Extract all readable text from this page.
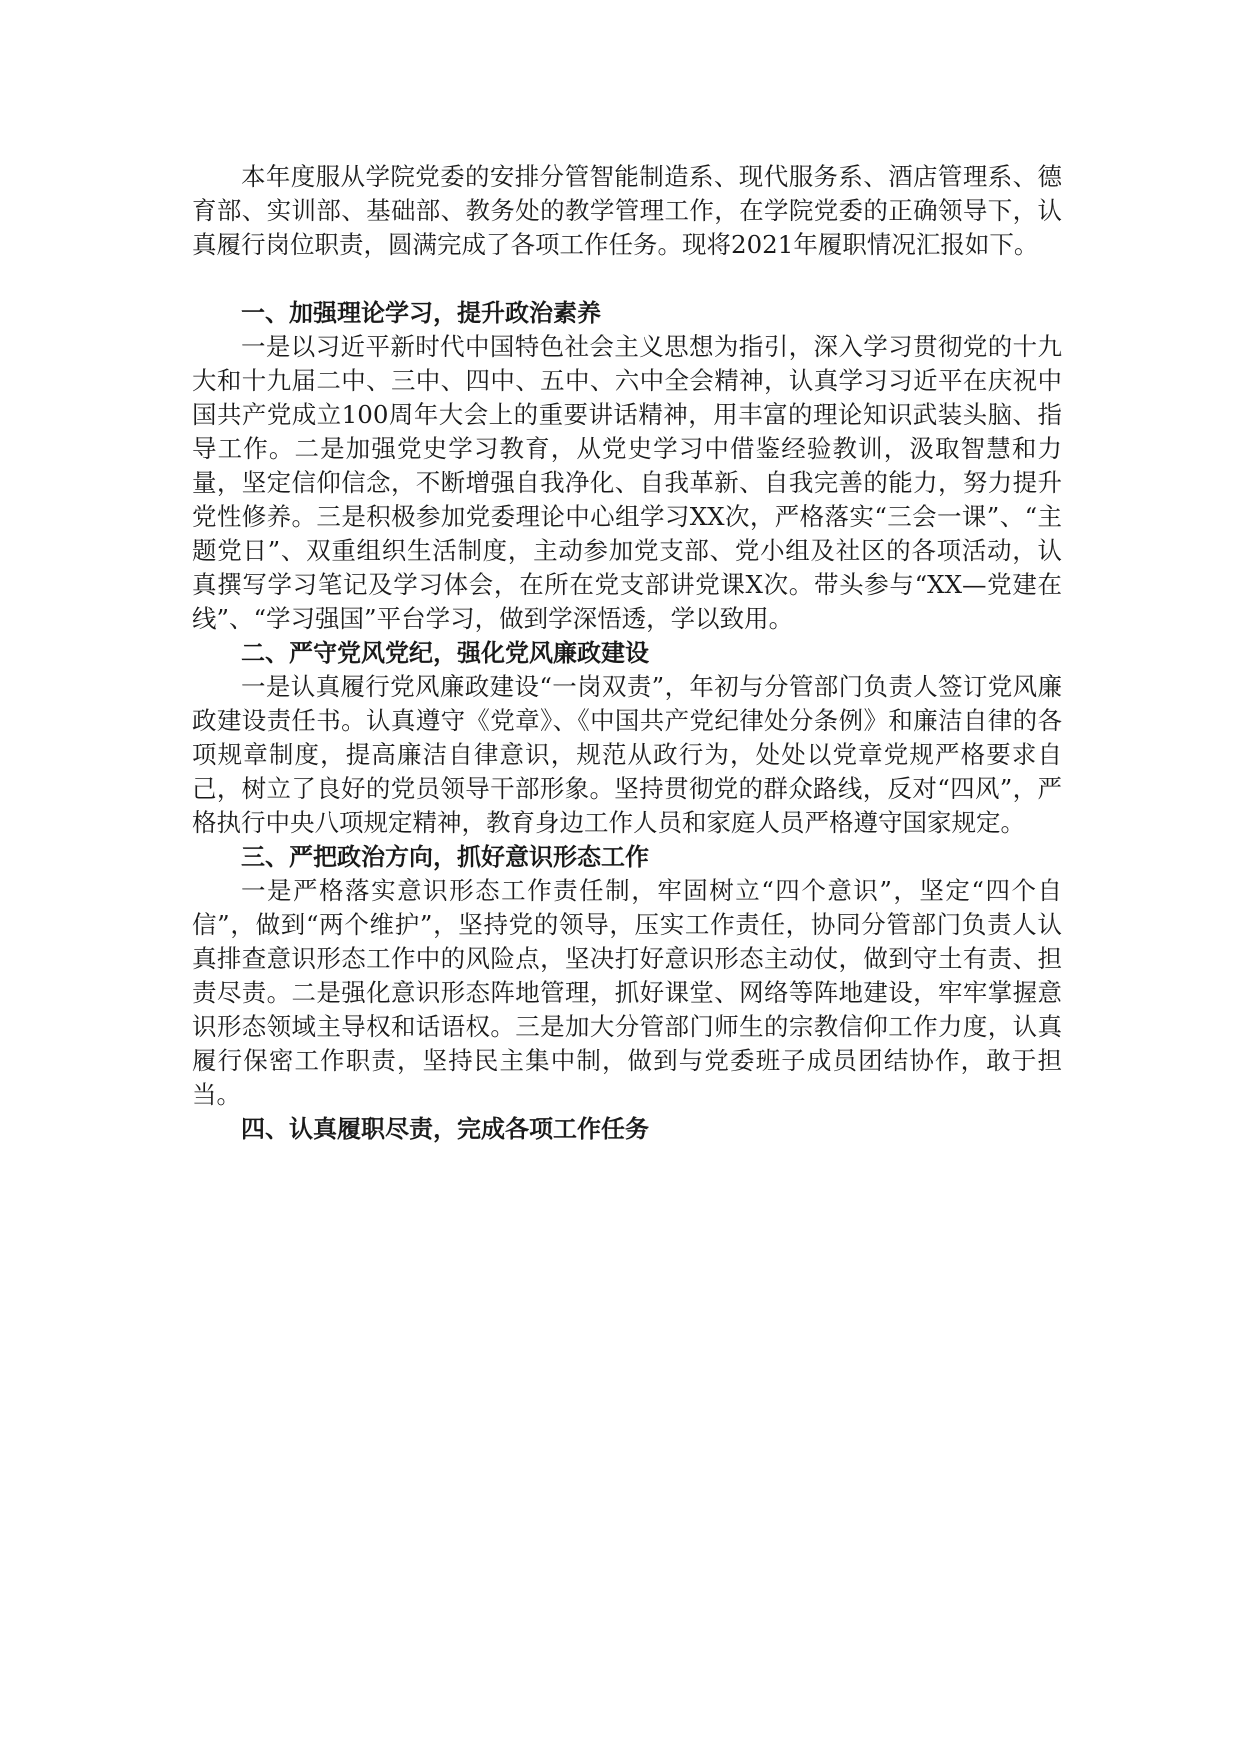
本年度服从学院党委的安排分管智能制造系、现代服务系、酒店管理系、德育部、实训部、基础部、教务处的教学管理工作，在学院党委的正确领导下，认真履行岗位职责，圆满完成了各项工作任务。现将2021年履职情况汇报如下。

一、加强理论学习，提升政治素养

一是以习近平新时代中国特色社会主义思想为指引，深入学习贯彻党的十九大和十九届二中、三中、四中、五中、六中全会精神，认真学习习近平在庆祝中国共产党成立100周年大会上的重要讲话精神，用丰富的理论知识武装头脑、指导工作。二是加强党史学习教育，从党史学习中借鉴经验教训，汲取智慧和力量，坚定信仰信念，不断增强自我净化、自我革新、自我完善的能力，努力提升党性修养。三是积极参加党委理论中心组学习XX次，严格落实“三会一课”、“主题党日”、双重组织生活制度，主动参加党支部、党小组及社区的各项活动，认真撰写学习笔记及学习体会，在所在党支部讲党课X次。带头参与“XX—党建在线”、“学习强国”平台学习，做到学深悟透，学以致用。

二、严守党风党纪，强化党风廉政建设

一是认真履行党风廉政建设“一岗双责”，年初与分管部门负责人签订党风廉政建设责任书。认真遵守《党章》、《中国共产党纪律处分条例》和廉洁自律的各项规章制度，提高廉洁自律意识，规范从政行为，处处以党章党规严格要求自己，树立了良好的党员领导干部形象。坚持贯彻党的群众路线，反对“四风”，严格执行中央八项规定精神，教育身边工作人员和家庭人员严格遵守国家规定。

三、严把政治方向，抓好意识形态工作

一是严格落实意识形态工作责任制，牢固树立“四个意识”，坚定“四个自信”，做到“两个维护”，坚持党的领导，压实工作责任，协同分管部门负责人认真排查意识形态工作中的风险点，坚决打好意识形态主动仗，做到守土有责、担责尽责。二是强化意识形态阵地管理，抓好课堂、网络等阵地建设，牢牢掌握意识形态领域主导权和话语权。三是加大分管部门师生的宗教信仰工作力度，认真履行保密工作职责，坚持民主集中制，做到与党委班子成员团结协作，敢于担当。

四、认真履职尽责，完成各项工作任务
